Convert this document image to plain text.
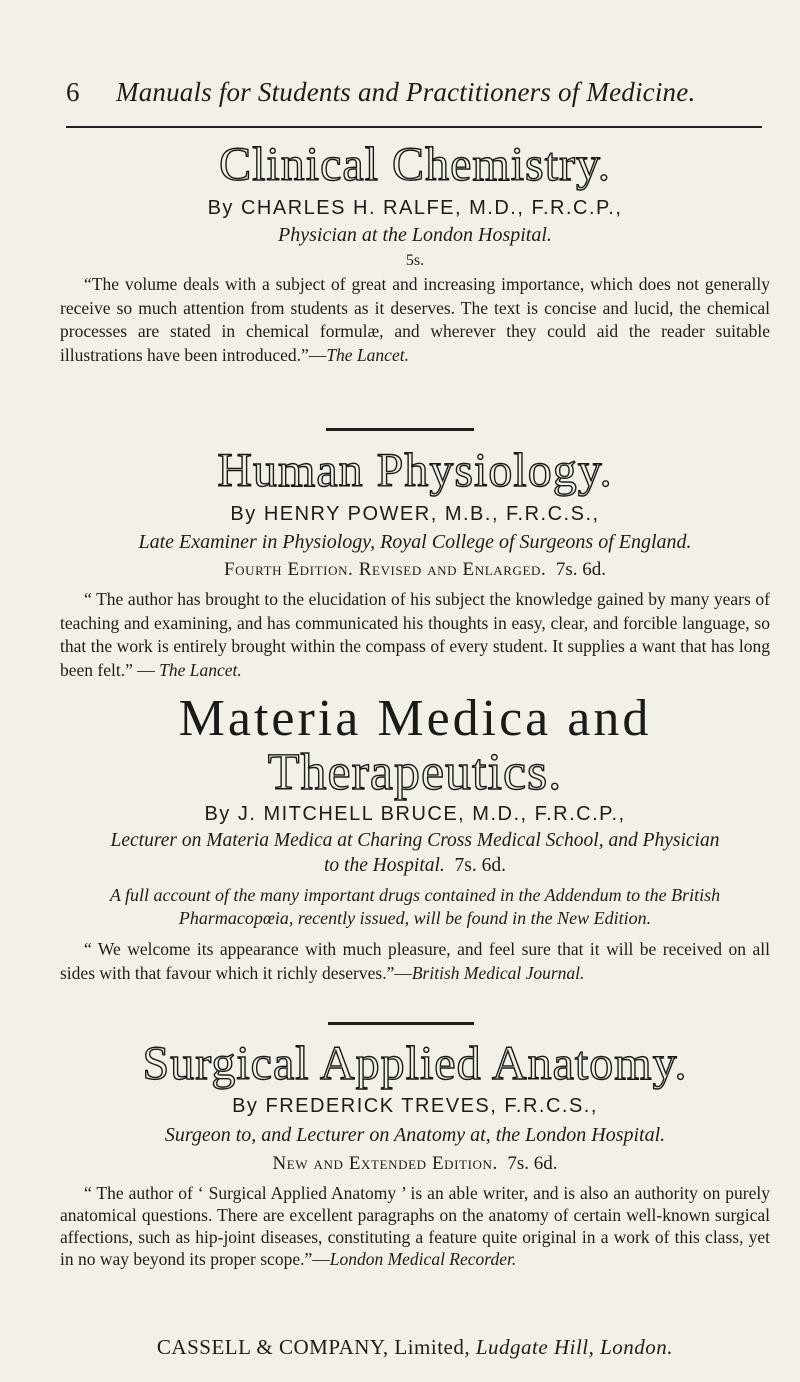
6 Manuals for Students and Practitioners of Medicine.
Clinical Chemistry.

By CHARLES H. RALFE, M.D., F.R.C.P.,

Physician at the London Hospital.

5s.

“The volume deals with a subject of great and increasing importance, which does not generally receive so much attention from students as it deserves. The text is concise and lucid, the chemical processes are stated in chemical formulæ, and wherever they could aid the reader suitable illustrations have been introduced.”—The Lancet.

Human Physiology.

By HENRY POWER, M.B., F.R.C.S.,

Late Examiner in Physiology, Royal College of Surgeons of England.

Fourth Edition. Revised and Enlarged. 7s. 6d.

“ The author has brought to the elucidation of his subject the knowledge gained by many years of teaching and examining, and has communicated his thoughts in easy, clear, and forcible language, so that the work is entirely brought within the compass of every student. It supplies a want that has long been felt.” — The Lancet.

Materia Medica and
Therapeutics.

By J. MITCHELL BRUCE, M.D., F.R.C.P.,

Lecturer on Materia Medica at Charing Cross Medical School, and Physician

to the Hospital. 7s. 6d.

A full account of the many important drugs contained in the Addendum to the British

Pharmacopœia, recently issued, will be found in the New Edition.

“ We welcome its appearance with much pleasure, and feel sure that it will be received on all sides with that favour which it richly deserves.”—British Medical Journal.

Surgical Applied Anatomy.

By FREDERICK TREVES, F.R.C.S.,

Surgeon to, and Lecturer on Anatomy at, the London Hospital.

New and Extended Edition. 7s. 6d.

“ The author of ‘ Surgical Applied Anatomy ’ is an able writer, and is also an authority on purely anatomical questions. There are excellent paragraphs on the anatomy of certain well-known surgical affections, such as hip-joint diseases, constituting a feature quite original in a work of this class, yet in no way beyond its proper scope.”—London Medical Recorder.

CASSELL & COMPANY, Limited, Ludgate Hill, London.
